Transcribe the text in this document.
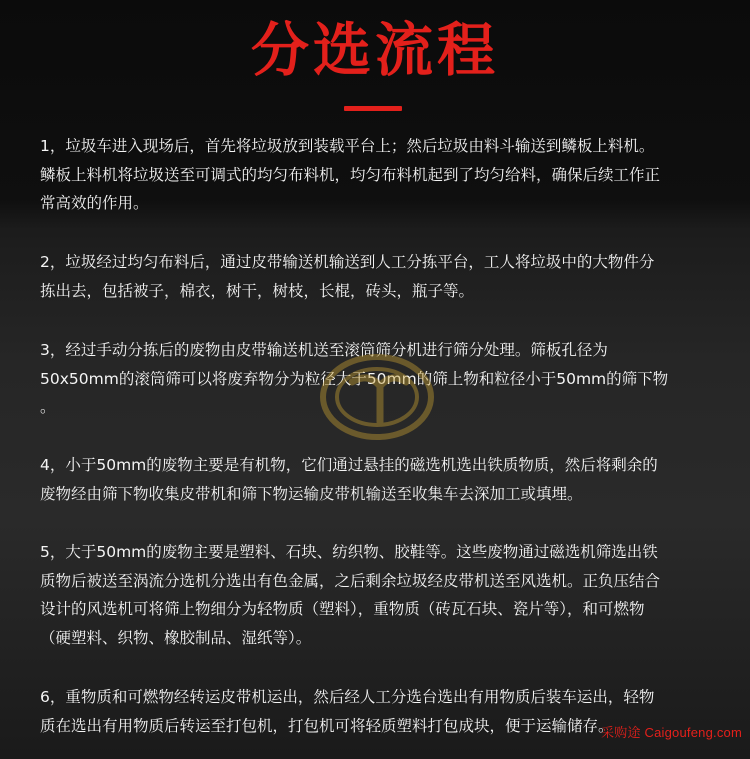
分选流程
1，垃圾车进入现场后，首先将垃圾放到装载平台上；然后垃圾由料斗输送到鳞板上料机。
鳞板上料机将垃圾送至可调式的均匀布料机，均匀布料机起到了均匀给料，确保后续工作正
常高效的作用。
2，垃圾经过均匀布料后，通过皮带输送机输送到人工分拣平台，工人将垃圾中的大物件分
拣出去，包括被子，棉衣，树干，树枝，长棍，砖头，瓶子等。
3，经过手动分拣后的废物由皮带输送机送至滚筒筛分机进行筛分处理。筛板孔径为
50x50mm的滚筒筛可以将废弃物分为粒径大于50mm的筛上物和粒径小于50mm的筛下物
。
4，小于50mm的废物主要是有机物，它们通过悬挂的磁选机选出铁质物质，然后将剩余的
废物经由筛下物收集皮带机和筛下物运输皮带机输送至收集车去深加工或填埋。
5，大于50mm的废物主要是塑料、石块、纺织物、胶鞋等。这些废物通过磁选机筛选出铁
质物后被送至涡流分选机分选出有色金属，之后剩余垃圾经皮带机送至风选机。正负压结合
设计的风选机可将筛上物细分为轻物质（塑料），重物质（砖瓦石块、瓷片等），和可燃物
（硬塑料、织物、橡胶制品、湿纸等）。
6，重物质和可燃物经转运皮带机运出，然后经人工分选台选出有用物质后装车运出，轻物
质在选出有用物质后转运至打包机，打包机可将轻质塑料打包成块，便于运输储存。
采购途 Caigoufeng.com
